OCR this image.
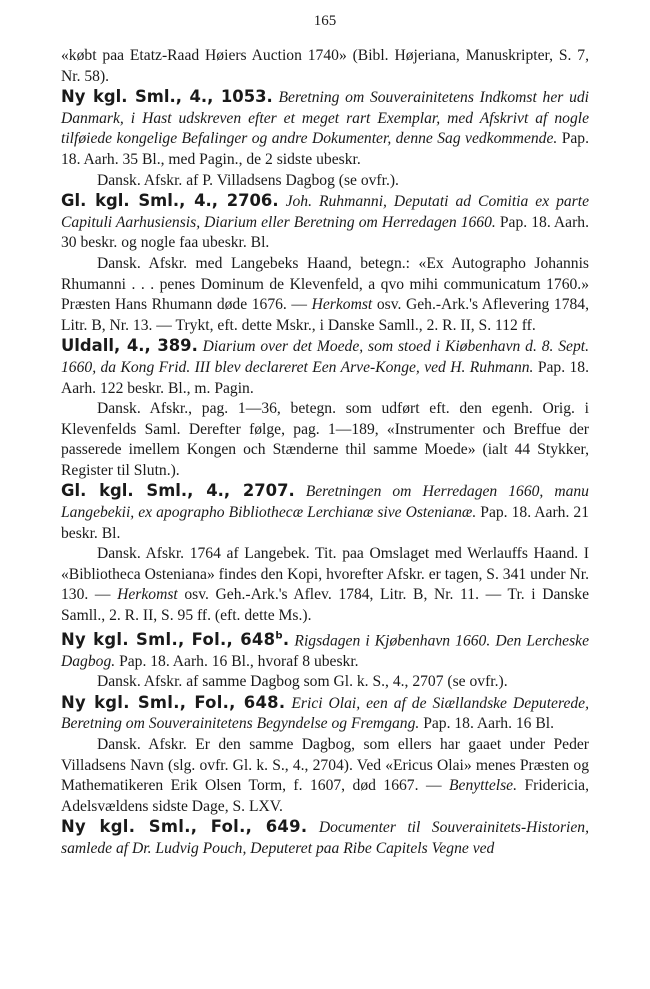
165

«købt paa Etatz-Raad Høiers Auction 1740» (Bibl. Højeriana, Manuskripter, S. 7, Nr. 58).

Ny kgl. Sml., 4., 1053. Beretning om Souverainitetens Indkomst her udi Danmark, i Hast udskreven efter et meget rart Exemplar, med Afskrivt af nogle tilføiede kongelige Befalinger og andre Dokumenter, denne Sag vedkommende. Pap. 18. Aarh. 35 Bl., med Pagin., de 2 sidste ubeskr.

Dansk. Afskr. af P. Villadsens Dagbog (se ovfr.).

Gl. kgl. Sml., 4., 2706. Joh. Ruhmanni, Deputati ad Comitia ex parte Capituli Aarhusiensis, Diarium eller Beretning om Herredagen 1660. Pap. 18. Aarh. 30 beskr. og nogle faa ubeskr. Bl.

Dansk. Afskr. med Langebeks Haand, betegn.: «Ex Autographo Johannis Rhumanni . . . penes Dominum de Klevenfeld, a qvo mihi communicatum 1760.» Præsten Hans Rhumann døde 1676. — Herkomst osv. Geh.-Ark.'s Aflevering 1784, Litr. B, Nr. 13. — Trykt, eft. dette Mskr., i Danske Samll., 2. R. II, S. 112 ff.

Uldall, 4., 389. Diarium over det Moede, som stoed i Kiøbenhavn d. 8. Sept. 1660, da Kong Frid. III blev declareret Een Arve-Konge, ved H. Ruhmann. Pap. 18. Aarh. 122 beskr. Bl., m. Pagin.

Dansk. Afskr., pag. 1—36, betegn. som udført eft. den egenh. Orig. i Klevenfelds Saml. Derefter følge, pag. 1—189, «Instrumenter och Breffue der passerede imellem Kongen och Stænderne thil samme Moede» (ialt 44 Stykker, Register til Slutn.).

Gl. kgl. Sml., 4., 2707. Beretningen om Herredagen 1660, manu Langebekii, ex apographo Bibliothecæ Lerchianæ sive Ostenianæ. Pap. 18. Aarh. 21 beskr. Bl.

Dansk. Afskr. 1764 af Langebek. Tit. paa Omslaget med Werlauffs Haand. I «Bibliotheca Osteniana» findes den Kopi, hvorefter Afskr. er tagen, S. 341 under Nr. 130. — Herkomst osv. Geh.-Ark.'s Aflev. 1784, Litr. B, Nr. 11. — Tr. i Danske Samll., 2. R. II, S. 95 ff. (eft. dette Ms.).

Ny kgl. Sml., Fol., 648$^b$. Rigsdagen i Kjøbenhavn 1660. Den Lercheske Dagbog. Pap. 18. Aarh. 16 Bl., hvoraf 8 ubeskr.

Dansk. Afskr. af samme Dagbog som Gl. k. S., 4., 2707 (se ovfr.).

Ny kgl. Sml., Fol., 648. Erici Olai, een af de Siællandske Deputerede, Beretning om Souverainitetens Begyndelse og Fremgang. Pap. 18. Aarh. 16 Bl.

Dansk. Afskr. Er den samme Dagbog, som ellers har gaaet under Peder Villadsens Navn (slg. ovfr. Gl. k. S., 4., 2704). Ved «Ericus Olai» menes Præsten og Mathematikeren Erik Olsen Torm, f. 1607, død 1667. — Benyttelse. Fridericia, Adelsvældens sidste Dage, S. LXV.

Ny kgl. Sml., Fol., 649. Documenter til Souverainitets-Historien, samlede af Dr. Ludvig Pouch, Deputeret paa Ribe Capitels Vegne ved
